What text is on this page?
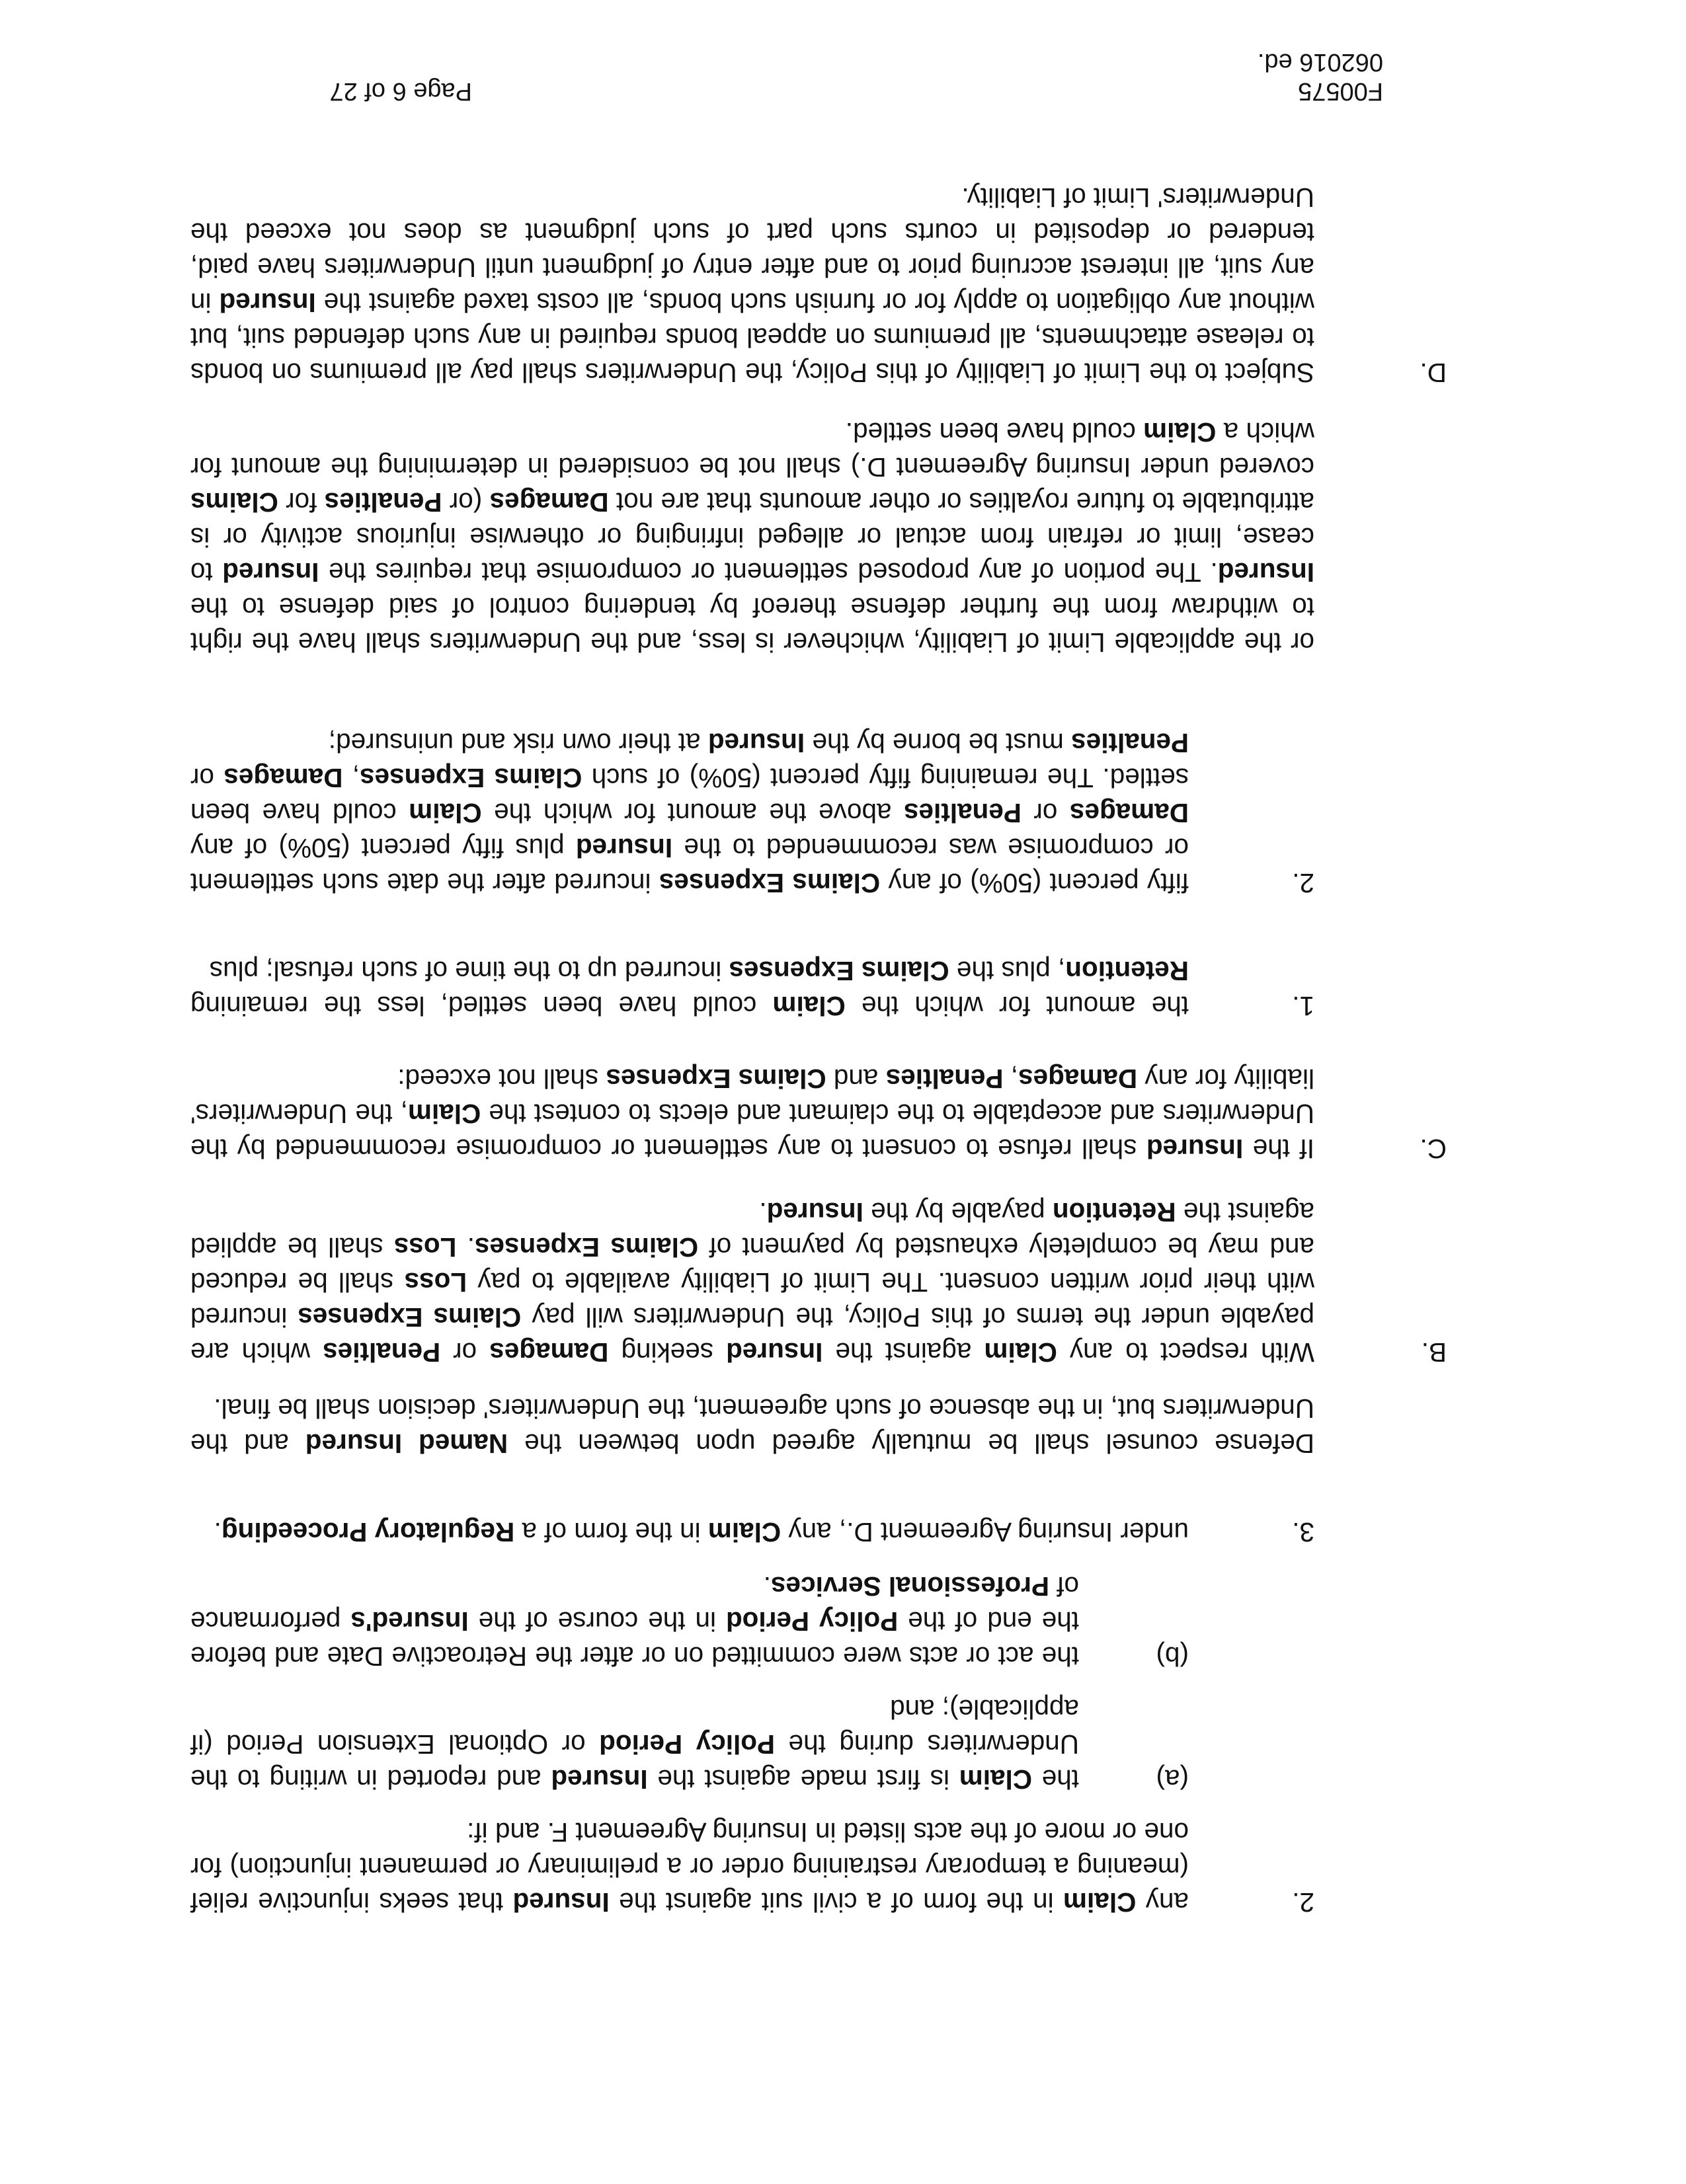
2.
any Claim in the form of a civil suit against the Insured that seeks injunctive relief (meaning a temporary restraining order or a preliminary or permanent injunction) for one or more of the acts listed in Insuring Agreement F. and if:
(a)
the Claim is first made against the Insured and reported in writing to the Underwriters during the Policy Period or Optional Extension Period (if applicable); and
(b)
the act or acts were committed on or after the Retroactive Date and before the end of the Policy Period in the course of the Insured's performance of Professional Services.
3.
under Insuring Agreement D., any Claim in the form of a Regulatory Proceeding.
Defense counsel shall be mutually agreed upon between the Named Insured and the Underwriters but, in the absence of such agreement, the Underwriters' decision shall be final.
B.
With respect to any Claim against the Insured seeking Damages or Penalties which are payable under the terms of this Policy, the Underwriters will pay Claims Expenses incurred with their prior written consent. The Limit of Liability available to pay Loss shall be reduced and may be completely exhausted by payment of Claims Expenses. Loss shall be applied against the Retention payable by the Insured.
C.
If the Insured shall refuse to consent to any settlement or compromise recommended by the Underwriters and acceptable to the claimant and elects to contest the Claim, the Underwriters' liability for any Damages, Penalties and Claims Expenses shall not exceed:
1.
the amount for which the Claim could have been settled, less the remaining Retention, plus the Claims Expenses incurred up to the time of such refusal; plus
2.
fifty percent (50%) of any Claims Expenses incurred after the date such settlement or compromise was recommended to the Insured plus fifty percent (50%) of any Damages or Penalties above the amount for which the Claim could have been settled. The remaining fifty percent (50%) of such Claims Expenses, Damages or Penalties must be borne by the Insured at their own risk and uninsured;
or the applicable Limit of Liability, whichever is less, and the Underwriters shall have the right to withdraw from the further defense thereof by tendering control of said defense to the Insured. The portion of any proposed settlement or compromise that requires the Insured to cease, limit or refrain from actual or alleged infringing or otherwise injurious activity or is attributable to future royalties or other amounts that are not Damages (or Penalties for Claims covered under Insuring Agreement D.) shall not be considered in determining the amount for which a Claim could have been settled.
D.
Subject to the Limit of Liability of this Policy, the Underwriters shall pay all premiums on bonds to release attachments, all premiums on appeal bonds required in any such defended suit, but without any obligation to apply for or furnish such bonds, all costs taxed against the Insured in any suit, all interest accruing prior to and after entry of judgment until Underwriters have paid, tendered or deposited in courts such part of such judgment as does not exceed the Underwriters' Limit of Liability.
F00575
062016 ed.
Page 6 of 27
